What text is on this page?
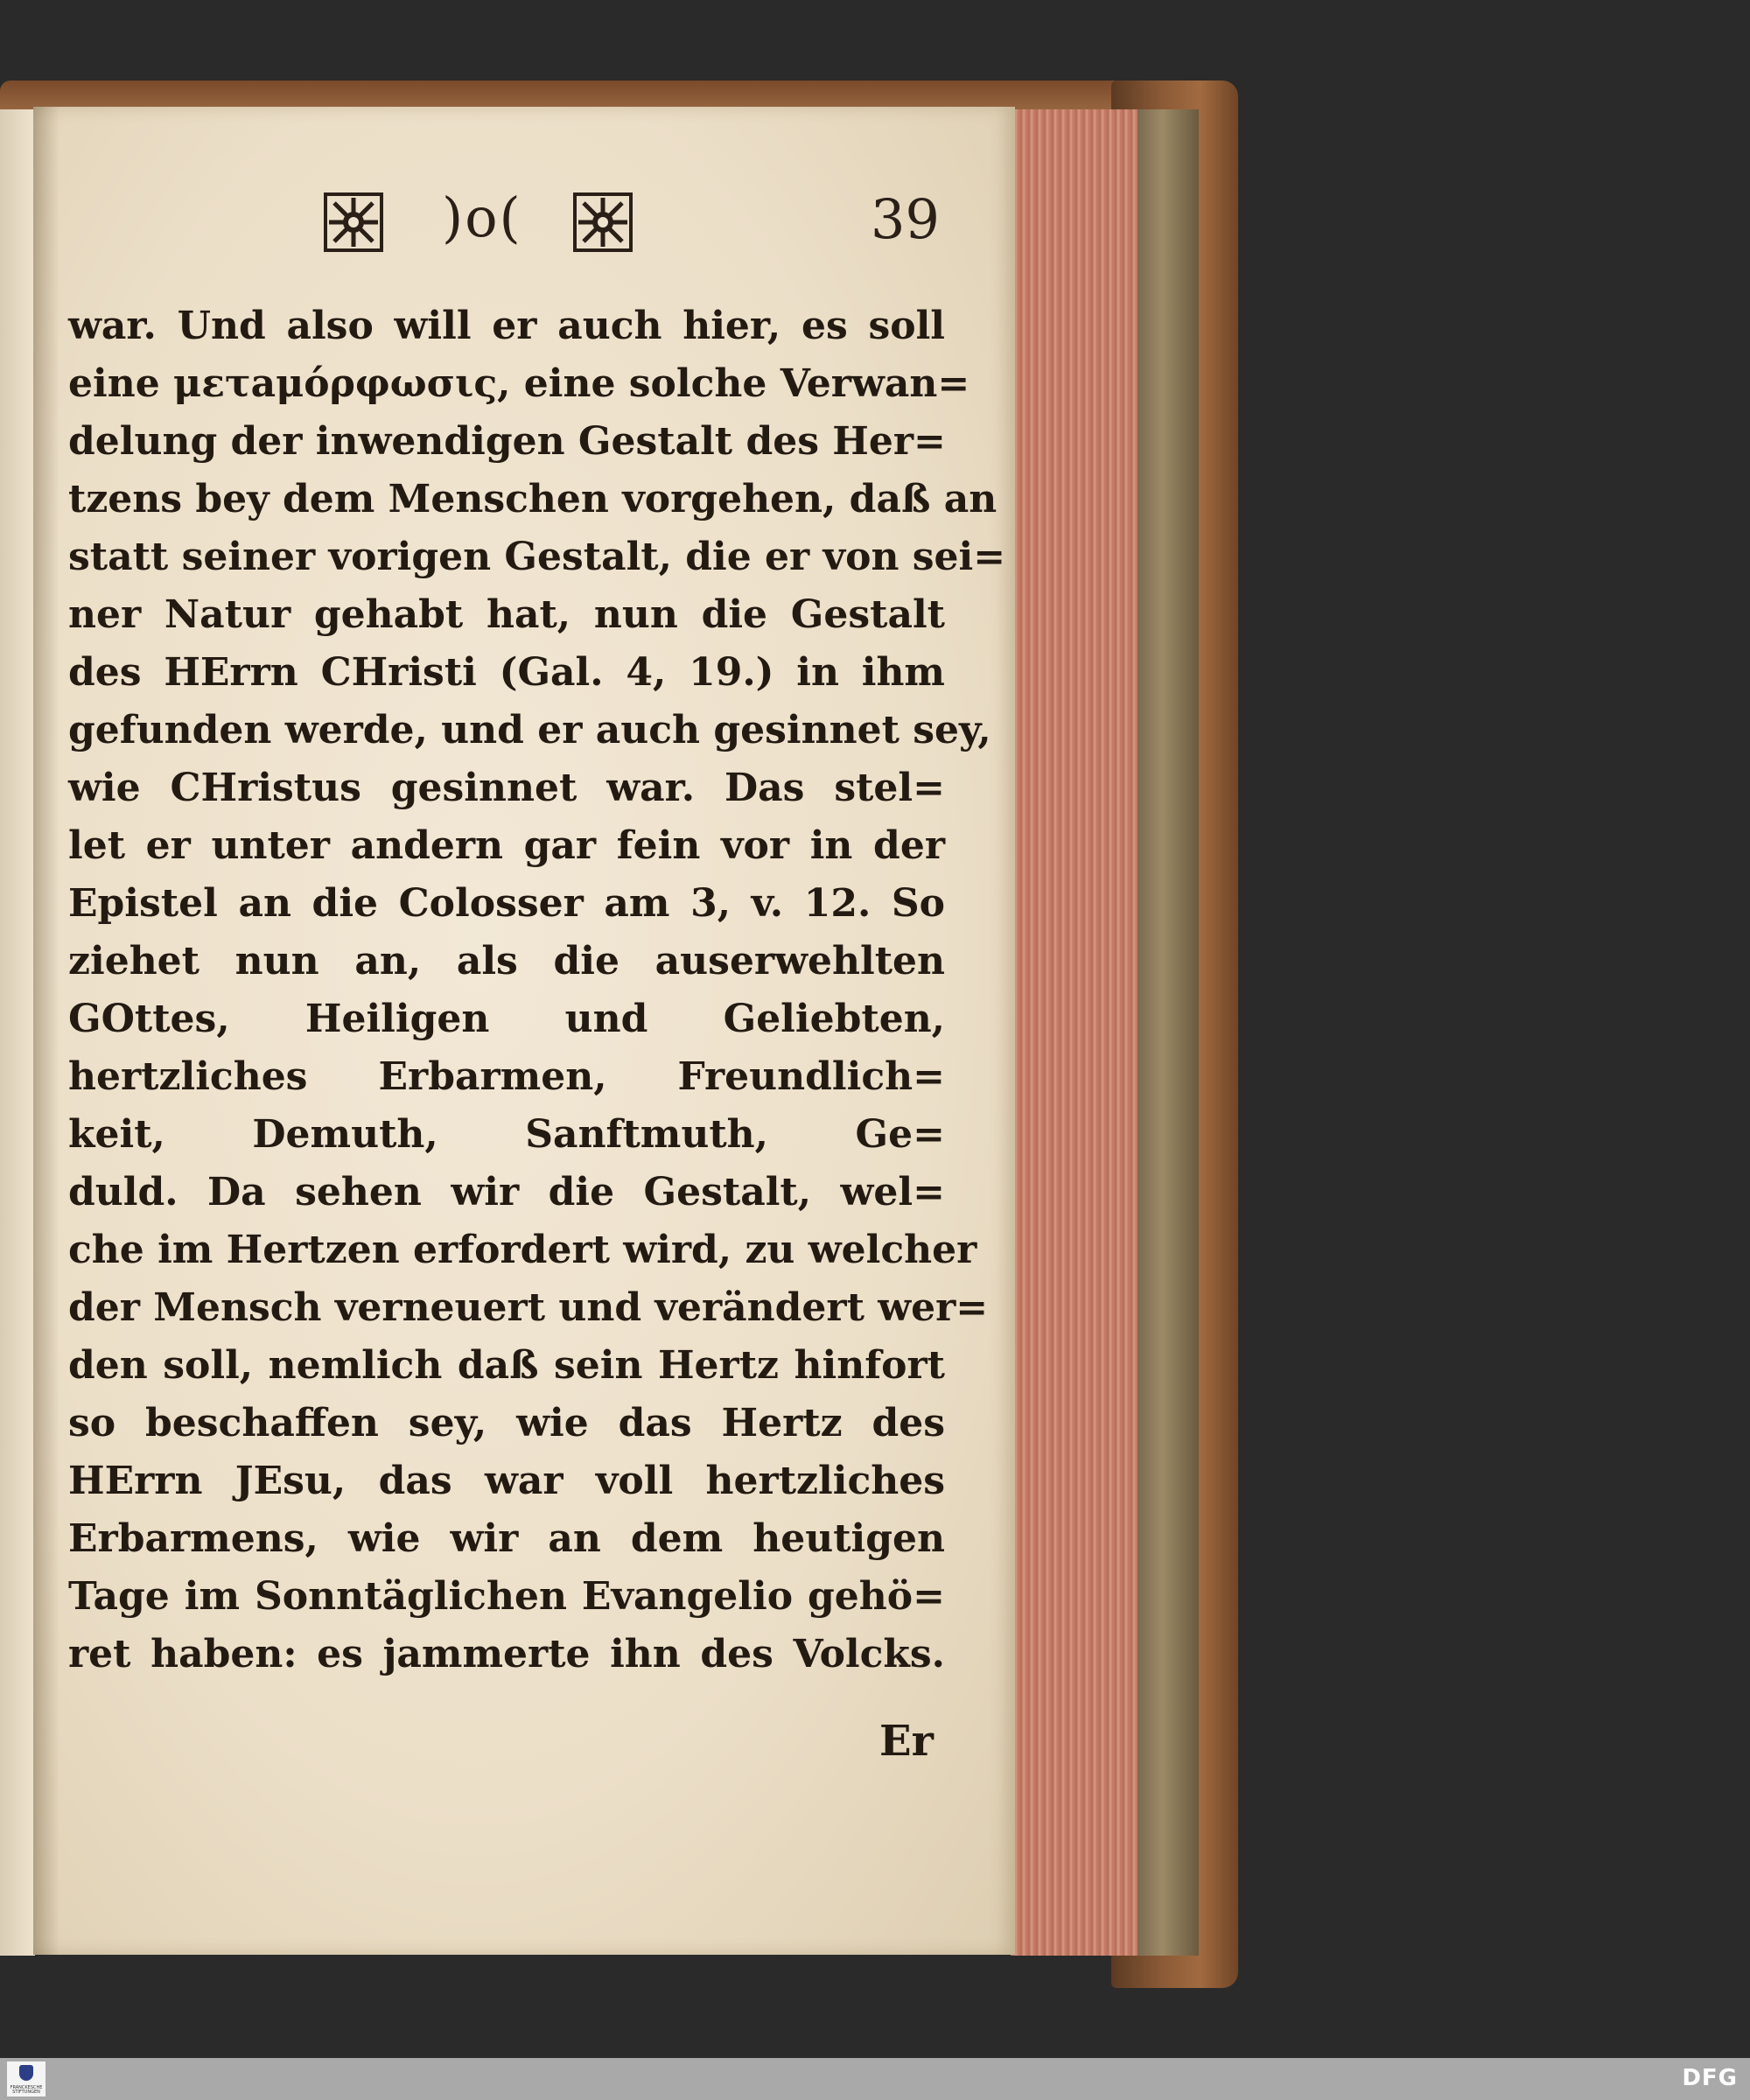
)o(	39
war. Und also will er auch hier, es soll
eine μετaμόρφωσις, eine solche Verwan=
delung der inwendigen Gestalt des Her=
tzens bey dem Menschen vorgehen, daß an
statt seiner vorigen Gestalt, die er von sei=
ner Natur gehabt hat, nun die Gestalt
des HErrn CHristi (Gal. 4, 19.) in ihm
gefunden werde, und er auch gesinnet sey,
wie CHristus gesinnet war. Das stel=
let er unter andern gar fein vor in der
Epistel an die Colosser am 3, v. 12. So
ziehet nun an, als die auserwehlten
GOttes, Heiligen und Geliebten,
hertzliches Erbarmen, Freundlich=
keit, Demuth, Sanftmuth, Ge=
duld. Da sehen wir die Gestalt, wel=
che im Hertzen erfordert wird, zu welcher
der Mensch verneuert und verändert wer=
den soll, nemlich daß sein Hertz hinfort
so beschaffen sey, wie das Hertz des
HErrn JEsu, das war voll hertzliches
Erbarmens, wie wir an dem heutigen
Tage im Sonntäglichen Evangelio gehö=
ret haben: es jammerte ihn des Volcks.
Er
FRANCKESCHE STIFTUNGEN
DFG
